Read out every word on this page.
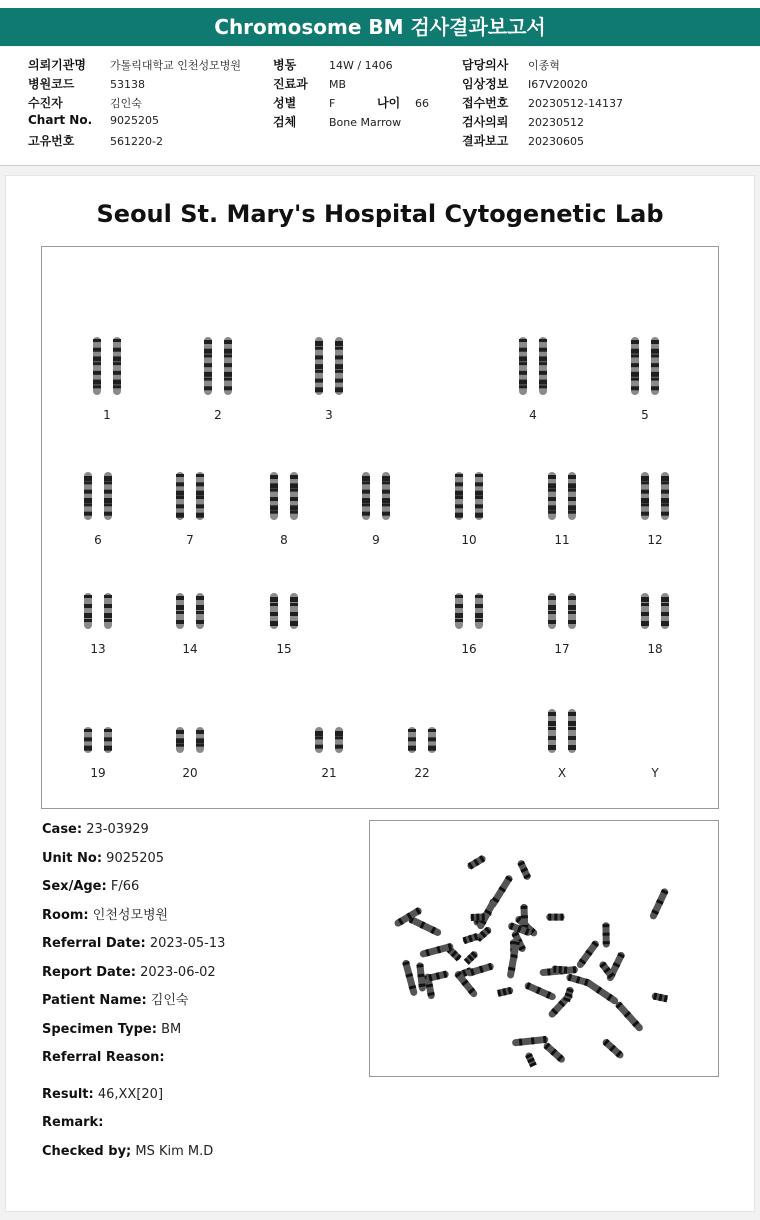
Chromosome BM 검사결과보고서
의뢰기관명 가톨릭대학교 인천성모병원
병원코드	53138
수진자	김인숙
Chart No. 9025205
고유번호	561220-2
병동	14W / 1406
진료과 MB
성별	F	나이 66
검체	Bone Marrow
담당의사 이종혁
임상정보 I67V20020
접수번호 20230512-14137
검사의뢰 20230512
결과보고 20230605
Seoul St. Mary's Hospital Cytogenetic Lab
1	2	3	4	5
6	7	8	9	10	11	12
13	14	15	16	17	18
19	20	21	22	X	Y
Case: 23-03929
Unit No: 9025205
Sex/Age: F/66
Room: 인천성모병원
Referral Date: 2023-05-13
Report Date: 2023-06-02
Patient Name: 김인숙
Specimen Type: BM
Referral Reason:
Result: 46,XX[20]
Remark:
Checked by; MS Kim M.D
